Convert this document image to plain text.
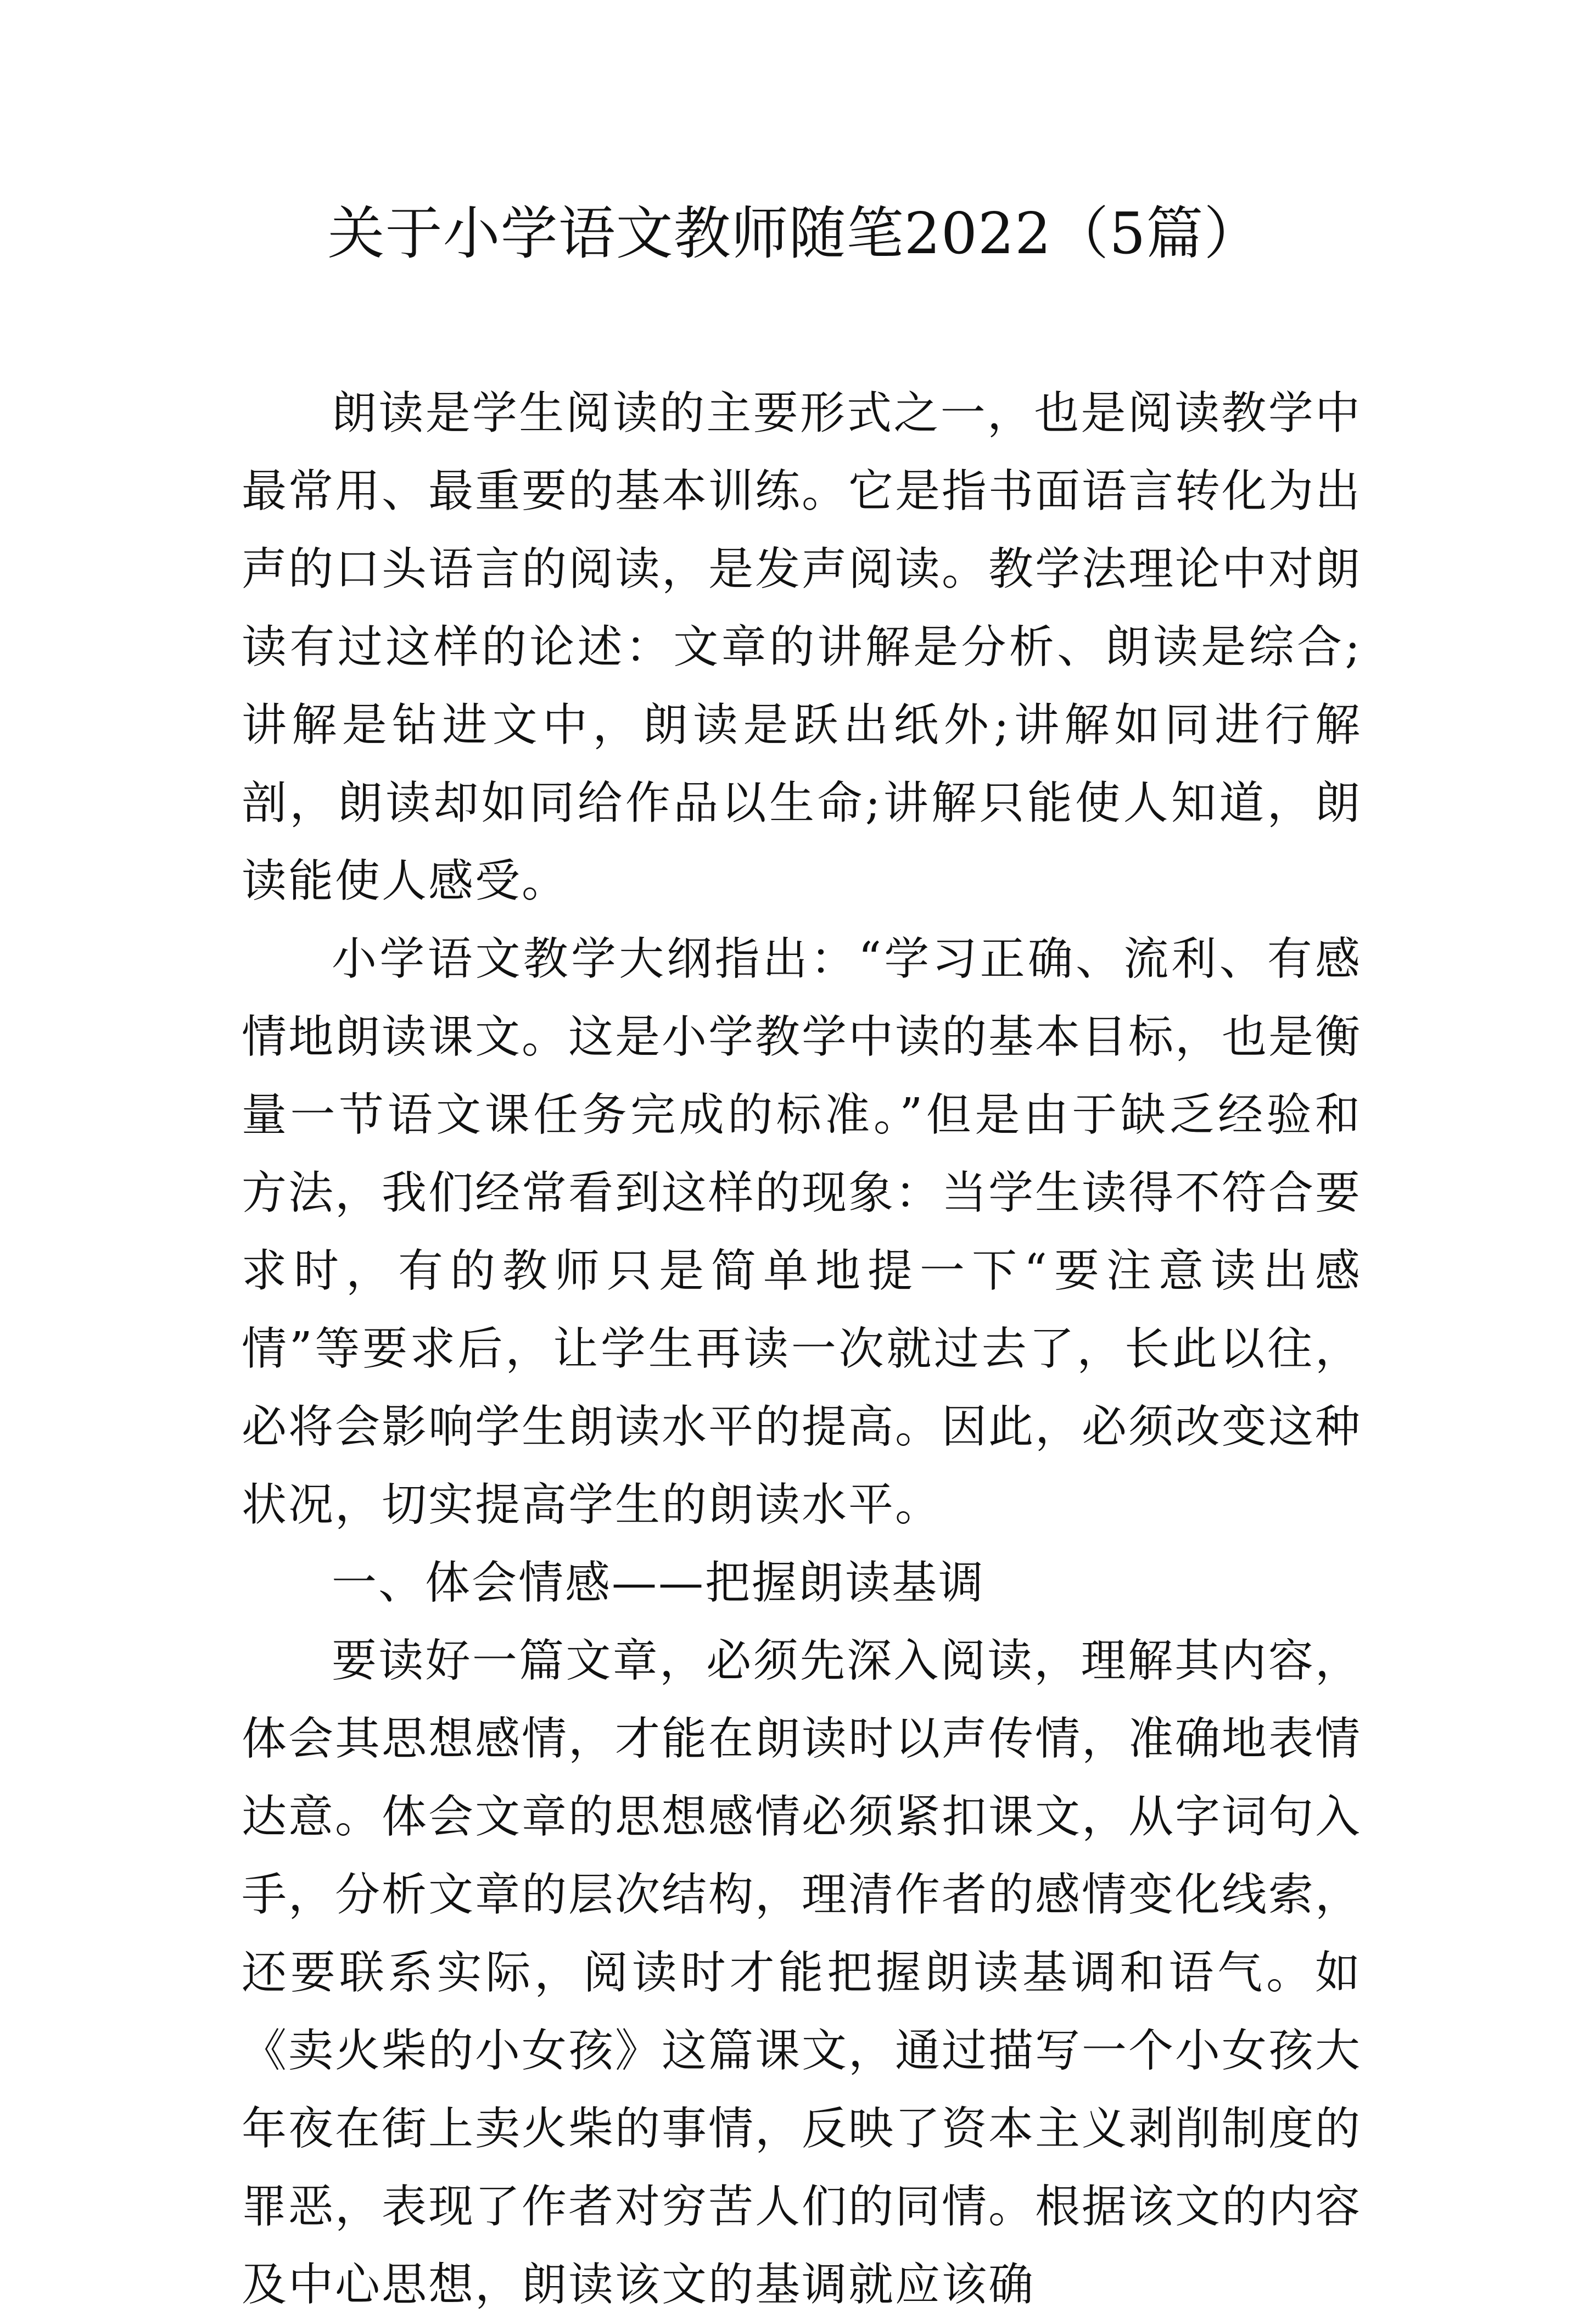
关于小学语文教师随笔2022（5篇）

朗读是学生阅读的主要形式之一，也是阅读教学中最常用、最重要的基本训练。它是指书面语言转化为出声的口头语言的阅读，是发声阅读。教学法理论中对朗读有过这样的论述：文章的讲解是分析、朗读是综合;讲解是钻进文中，朗读是跃出纸外;讲解如同进行解剖，朗读却如同给作品以生命;讲解只能使人知道，朗读能使人感受。

小学语文教学大纲指出：“学习正确、流利、有感情地朗读课文。这是小学教学中读的基本目标，也是衡量一节语文课任务完成的标准。”但是由于缺乏经验和方法，我们经常看到这样的现象：当学生读得不符合要求时，有的教师只是简单地提一下“要注意读出感情”等要求后，让学生再读一次就过去了，长此以往，必将会影响学生朗读水平的提高。因此，必须改变这种状况，切实提高学生的朗读水平。

一、体会情感——把握朗读基调

要读好一篇文章，必须先深入阅读，理解其内容，体会其思想感情，才能在朗读时以声传情，准确地表情达意。体会文章的思想感情必须紧扣课文，从字词句入手，分析文章的层次结构，理清作者的感情变化线索，还要联系实际，阅读时才能把握朗读基调和语气。如《卖火柴的小女孩》这篇课文，通过描写一个小女孩大年夜在街上卖火柴的事情，反映了资本主义剥削制度的罪恶，表现了作者对穷苦人们的同情。根据该文的内容及中心思想，朗读该文的基调就应该确
